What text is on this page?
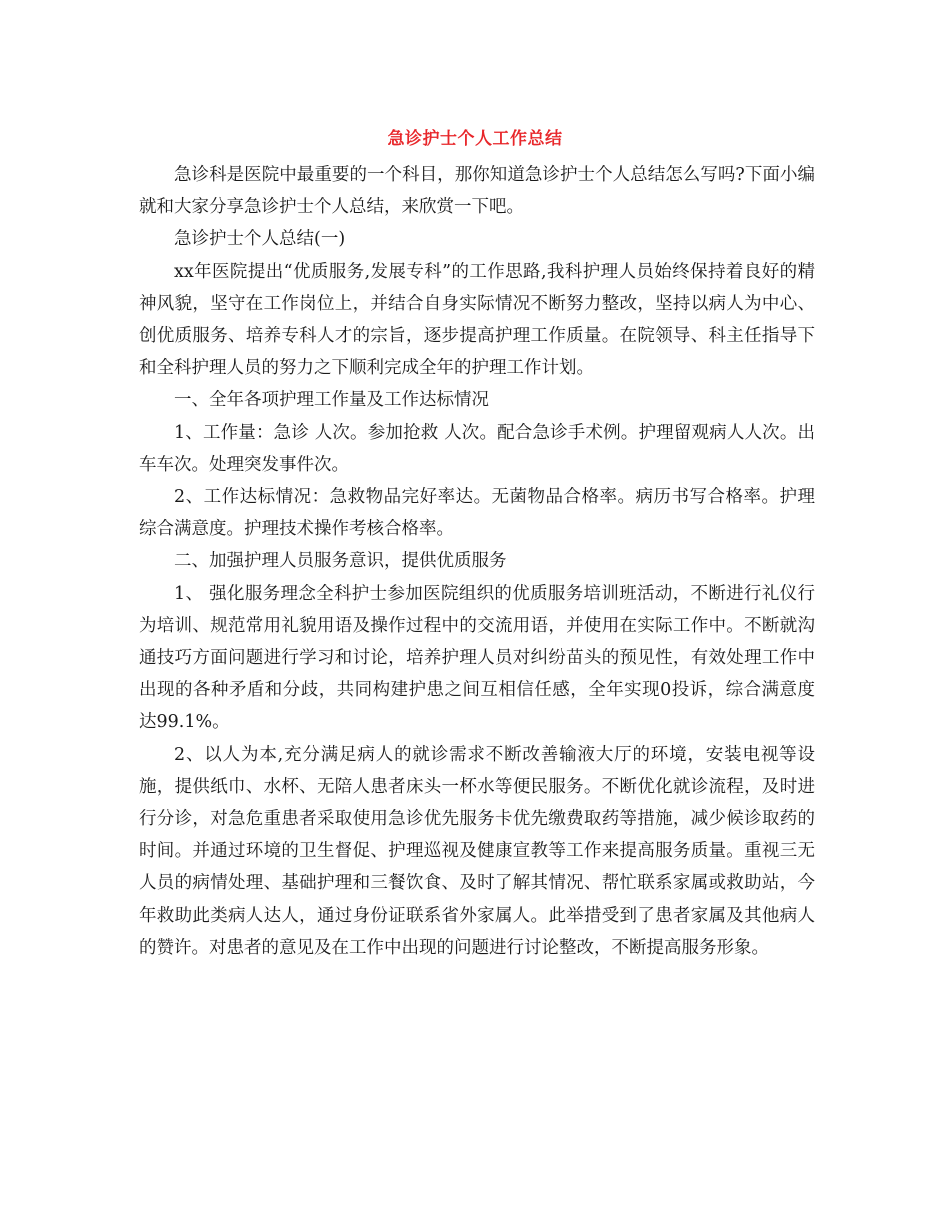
急诊护士个人工作总结

急诊科是医院中最重要的一个科目，那你知道急诊护士个人总结怎么写吗?下面小编就和大家分享急诊护士个人总结，来欣赏一下吧。

急诊护士个人总结(一)

xx年医院提出“优质服务,发展专科”的工作思路,我科护理人员始终保持着良好的精神风貌，坚守在工作岗位上，并结合自身实际情况不断努力整改，坚持以病人为中心、创优质服务、培养专科人才的宗旨，逐步提高护理工作质量。在院领导、科主任指导下和全科护理人员的努力之下顺利完成全年的护理工作计划。

一、全年各项护理工作量及工作达标情况

1、工作量：急诊 人次。参加抢救 人次。配合急诊手术例。护理留观病人人次。出车车次。处理突发事件次。

2、工作达标情况：急救物品完好率达。无菌物品合格率。病历书写合格率。护理综合满意度。护理技术操作考核合格率。

二、加强护理人员服务意识，提供优质服务

1、 强化服务理念全科护士参加医院组织的优质服务培训班活动，不断进行礼仪行为培训、规范常用礼貌用语及操作过程中的交流用语，并使用在实际工作中。不断就沟通技巧方面问题进行学习和讨论，培养护理人员对纠纷苗头的预见性，有效处理工作中出现的各种矛盾和分歧，共同构建护患之间互相信任感，全年实现0投诉，综合满意度达99.1%。

2、以人为本,充分满足病人的就诊需求不断改善输液大厅的环境，安装电视等设施，提供纸巾、水杯、无陪人患者床头一杯水等便民服务。不断优化就诊流程，及时进行分诊，对急危重患者采取使用急诊优先服务卡优先缴费取药等措施，减少候诊取药的时间。并通过环境的卫生督促、护理巡视及健康宣教等工作来提高服务质量。重视三无人员的病情处理、基础护理和三餐饮食、及时了解其情况、帮忙联系家属或救助站，今年救助此类病人达人，通过身份证联系省外家属人。此举措受到了患者家属及其他病人的赞许。对患者的意见及在工作中出现的问题进行讨论整改，不断提高服务形象。
